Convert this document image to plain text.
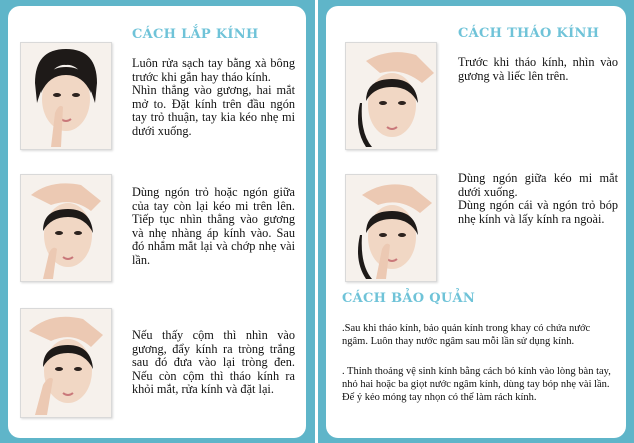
CÁCH LẮP KÍNH

Luôn rửa sạch tay bằng xà bông trước khi gắn hay tháo kính.
Nhìn thẳng vào gương, hai mắt mở to. Đặt kính trên đầu ngón tay trỏ thuận, tay kia kéo nhẹ mi dưới xuống.

Dùng ngón trỏ hoặc ngón giữa của tay còn lại kéo mi trên lên. Tiếp tục nhìn thẳng vào gương và nhẹ nhàng áp kính vào. Sau đó nhắm mắt lại và chớp nhẹ vài lần.

Nếu thấy cộm thì nhìn vào gương, đẩy kính ra tròng trắng sau đó đưa vào lại tròng đen. Nếu còn cộm thì tháo kính ra khỏi mắt, rửa kính và đặt lại.

CÁCH THÁO KÍNH

Trước khi tháo kính, nhìn vào gương và liếc lên trên.

Dùng ngón giữa kéo mi mắt dưới xuống.
Dùng ngón cái và ngón trỏ bóp nhẹ kính và lấy kính ra ngoài.

CÁCH BẢO QUẢN

.Sau khi tháo kính, bảo quản kính trong khay có chứa nước ngâm. Luôn thay nước ngâm sau mỗi lần sử dụng kính.

. Thỉnh thoảng vệ sinh kính bằng cách bỏ kính vào lòng bàn tay, nhỏ hai hoặc ba giọt nước ngâm kính, dùng tay bóp nhẹ vài lần. Để ý kẻo móng tay nhọn có thể làm rách kính.
